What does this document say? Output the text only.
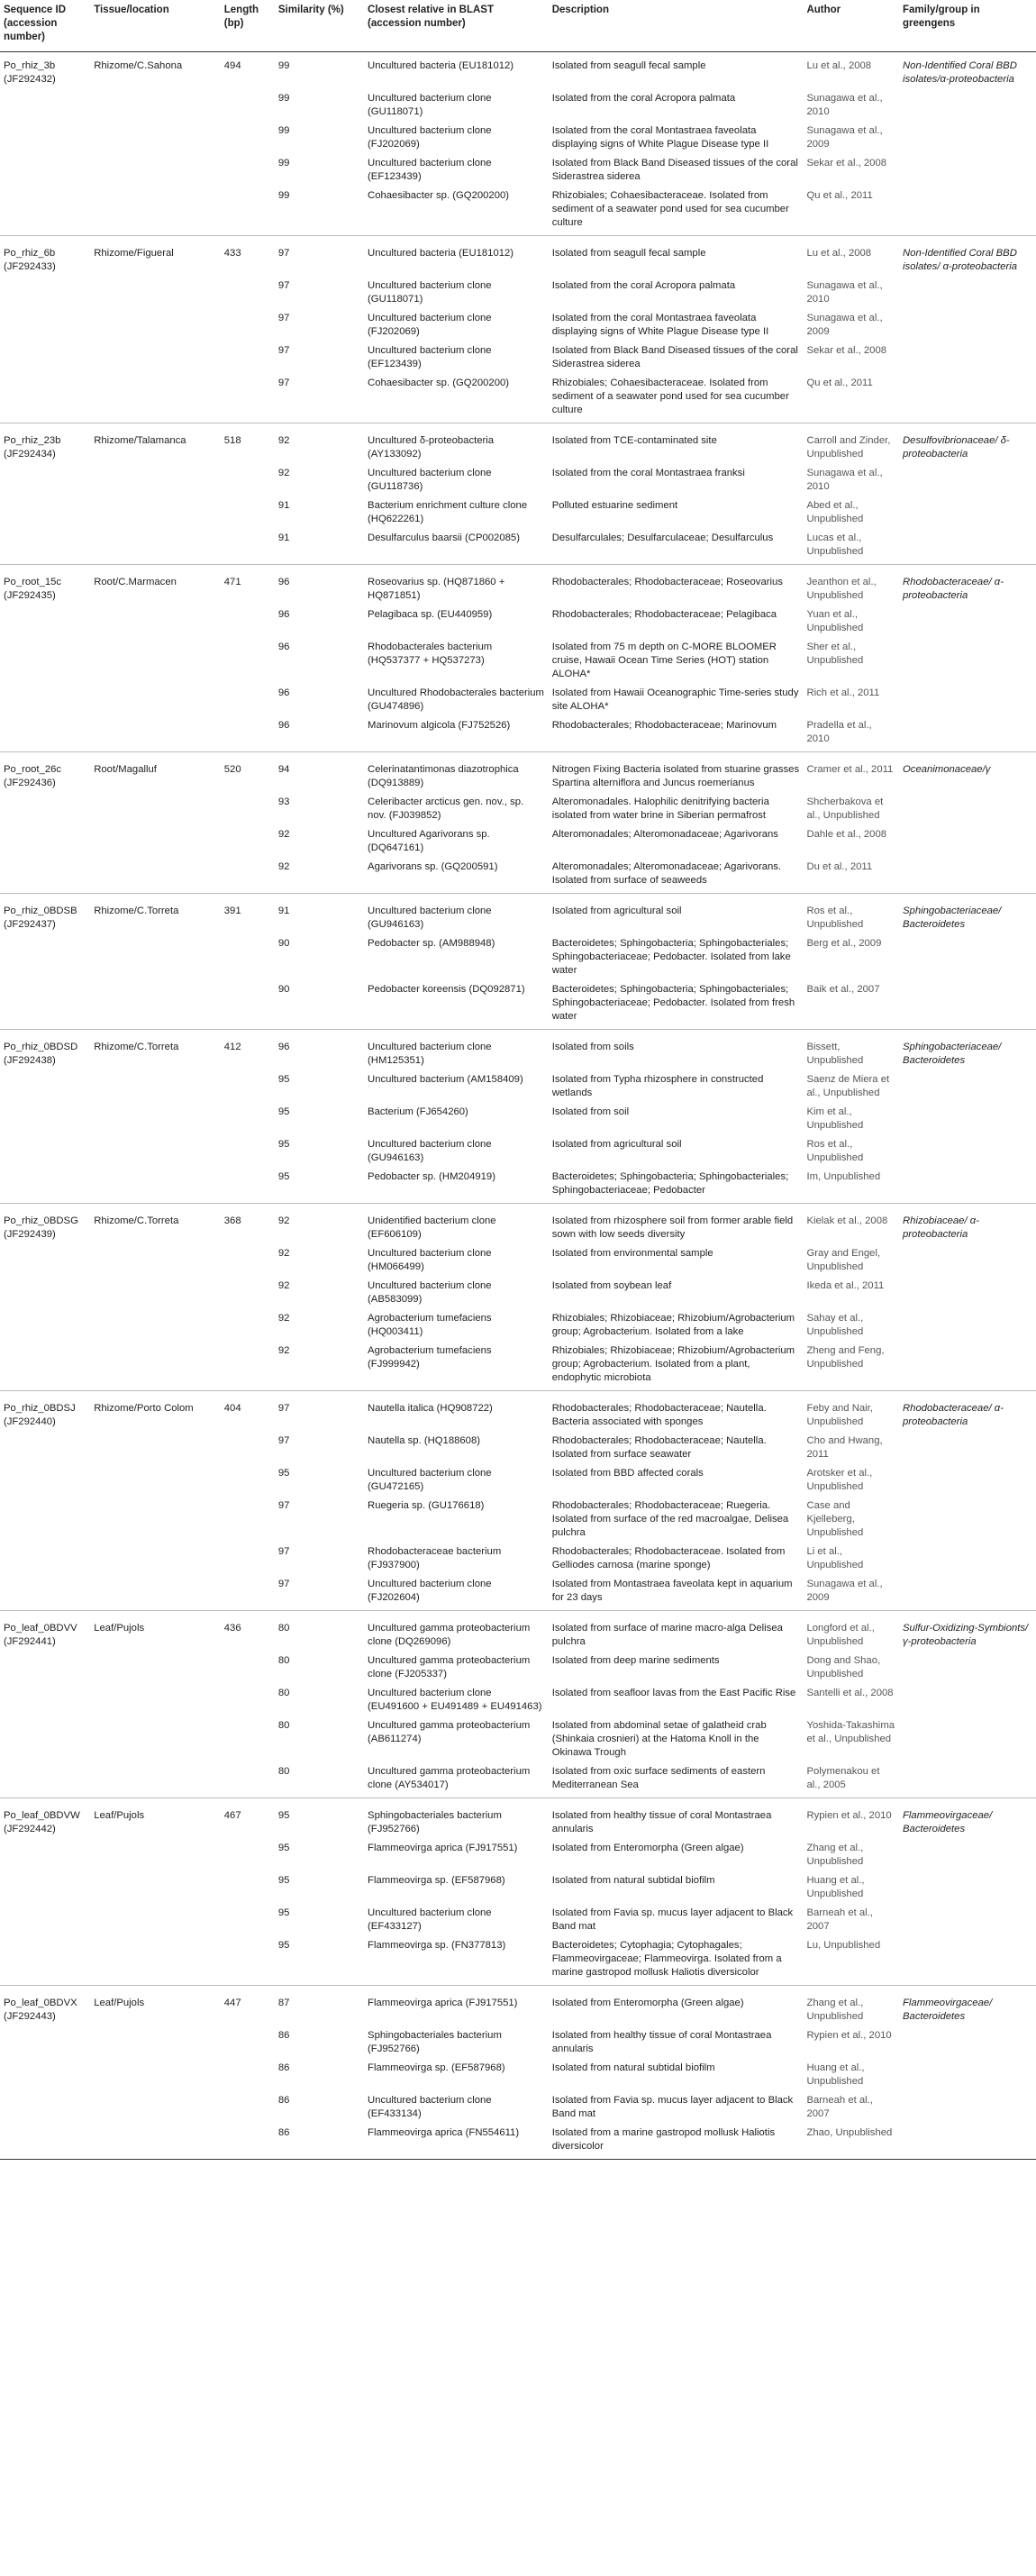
Sequence ID (accession number)	Tissue/location	Length (bp)	Similarity (%)	Closest relative in BLAST (accession number)	Description	Author	Family/group in greengens
Po_rhiz_3b (JF292432)	Rhizome/C.Sahona	494	99	Uncultured bacteria (EU181012)	Isolated from seagull fecal sample	Lu et al., 2008	Non-Identified Coral BBD isolates/α-proteobacteria
			99	Uncultured bacterium clone (GU118071)	Isolated from the coral Acropora palmata	Sunagawa et al., 2010	
			99	Uncultured bacterium clone (FJ202069)	Isolated from the coral Montastraea faveolata displaying signs of White Plague Disease type II	Sunagawa et al., 2009	
			99	Uncultured bacterium clone (EF123439)	Isolated from Black Band Diseased tissues of the coral Siderastrea siderea	Sekar et al., 2008	
			99	Cohaesibacter sp. (GQ200200)	Rhizobiales; Cohaesibacteraceae. Isolated from sediment of a seawater pond used for sea cucumber culture	Qu et al., 2011	
Po_rhiz_6b (JF292433)	Rhizome/Figueral	433	97	Uncultured bacteria (EU181012)	Isolated from seagull fecal sample	Lu et al., 2008	Non-Identified Coral BBD isolates/ α-proteobacteria
			97	Uncultured bacterium clone (GU118071)	Isolated from the coral Acropora palmata	Sunagawa et al., 2010	
			97	Uncultured bacterium clone (FJ202069)	Isolated from the coral Montastraea faveolata displaying signs of White Plague Disease type II	Sunagawa et al., 2009	
			97	Uncultured bacterium clone (EF123439)	Isolated from Black Band Diseased tissues of the coral Siderastrea siderea	Sekar et al., 2008	
			97	Cohaesibacter sp. (GQ200200)	Rhizobiales; Cohaesibacteraceae. Isolated from sediment of a seawater pond used for sea cucumber culture	Qu et al., 2011	
Po_rhiz_23b (JF292434)	Rhizome/Talamanca	518	92	Uncultured δ-proteobacteria (AY133092)	Isolated from TCE-contaminated site	Carroll and Zinder, Unpublished	Desulfovibrionaceae/ δ-proteobacteria
			92	Uncultured bacterium clone (GU118736)	Isolated from the coral Montastraea franksi	Sunagawa et al., 2010	
			91	Bacterium enrichment culture clone (HQ622261)	Polluted estuarine sediment	Abed et al., Unpublished	
			91	Desulfarculus baarsii (CP002085)	Desulfarculales; Desulfarculaceae; Desulfarculus	Lucas et al., Unpublished	
Po_root_15c (JF292435)	Root/C.Marmacen	471	96	Roseovarius sp. (HQ871860 + HQ871851)	Rhodobacterales; Rhodobacteraceae; Roseovarius	Jeanthon et al., Unpublished	Rhodobacteraceae/ α-proteobacteria
			96	Pelagibaca sp. (EU440959)	Rhodobacterales; Rhodobacteraceae; Pelagibaca	Yuan et al., Unpublished	
			96	Rhodobacterales bacterium (HQ537377 + HQ537273)	Isolated from 75 m depth on C-MORE BLOOMER cruise, Hawaii Ocean Time Series (HOT) station ALOHA*	Sher et al., Unpublished	
			96	Uncultured Rhodobacterales bacterium (GU474896)	Isolated from Hawaii Oceanographic Time-series study site ALOHA*	Rich et al., 2011	
			96	Marinovum algicola (FJ752526)	Rhodobacterales; Rhodobacteraceae; Marinovum	Pradella et al., 2010	
Po_root_26c (JF292436)	Root/Magalluf	520	94	Celerinatantimonas diazotrophica (DQ913889)	Nitrogen Fixing Bacteria isolated from stuarine grasses Spartina alterniflora and Juncus roemerianus	Cramer et al., 2011	Oceanimonaceae/γ
			93	Celeribacter arcticus gen. nov., sp. nov. (FJ039852)	Alteromonadales. Halophilic denitrifying bacteria isolated from water brine in Siberian permafrost	Shcherbakova et al., Unpublished	
			92	Uncultured Agarivorans sp. (DQ647161)	Alteromonadales; Alteromonadaceae; Agarivorans	Dahle et al., 2008	
			92	Agarivorans sp. (GQ200591)	Alteromonadales; Alteromonadaceae; Agarivorans. Isolated from surface of seaweeds	Du et al., 2011	
Po_rhiz_0BDSB (JF292437)	Rhizome/C.Torreta	391	91	Uncultured bacterium clone (GU946163)	Isolated from agricultural soil	Ros et al., Unpublished	Sphingobacteriaceae/ Bacteroidetes
			90	Pedobacter sp. (AM988948)	Bacteroidetes; Sphingobacteria; Sphingobacteriales; Sphingobacteriaceae; Pedobacter. Isolated from lake water	Berg et al., 2009	
			90	Pedobacter koreensis (DQ092871)	Bacteroidetes; Sphingobacteria; Sphingobacteriales; Sphingobacteriaceae; Pedobacter. Isolated from fresh water	Baik et al., 2007	
Po_rhiz_0BDSD (JF292438)	Rhizome/C.Torreta	412	96	Uncultured bacterium clone (HM125351)	Isolated from soils	Bissett, Unpublished	Sphingobacteriaceae/ Bacteroidetes
			95	Uncultured bacterium (AM158409)	Isolated from Typha rhizosphere in constructed wetlands	Saenz de Miera et al., Unpublished	
			95	Bacterium (FJ654260)	Isolated from soil	Kim et al., Unpublished	
			95	Uncultured bacterium clone (GU946163)	Isolated from agricultural soil	Ros et al., Unpublished	
			95	Pedobacter sp. (HM204919)	Bacteroidetes; Sphingobacteria; Sphingobacteriales; Sphingobacteriaceae; Pedobacter	Im, Unpublished	
Po_rhiz_0BDSG (JF292439)	Rhizome/C.Torreta	368	92	Unidentified bacterium clone (EF606109)	Isolated from rhizosphere soil from former arable field sown with low seeds diversity	Kielak et al., 2008	Rhizobiaceae/ α-proteobacteria
			92	Uncultured bacterium clone (HM066499)	Isolated from environmental sample	Gray and Engel, Unpublished	
			92	Uncultured bacterium clone (AB583099)	Isolated from soybean leaf	Ikeda et al., 2011	
			92	Agrobacterium tumefaciens (HQ003411)	Rhizobiales; Rhizobiaceae; Rhizobium/Agrobacterium group; Agrobacterium. Isolated from a lake	Sahay et al., Unpublished	
			92	Agrobacterium tumefaciens (FJ999942)	Rhizobiales; Rhizobiaceae; Rhizobium/Agrobacterium group; Agrobacterium. Isolated from a plant, endophytic microbiota	Zheng and Feng, Unpublished	
Po_rhiz_0BDSJ (JF292440)	Rhizome/Porto Colom	404	97	Nautella italica (HQ908722)	Rhodobacterales; Rhodobacteraceae; Nautella. Bacteria associated with sponges	Feby and Nair, Unpublished	Rhodobacteraceae/ α-proteobacteria
			97	Nautella sp. (HQ188608)	Rhodobacterales; Rhodobacteraceae; Nautella. Isolated from surface seawater	Cho and Hwang, 2011	
			95	Uncultured bacterium clone (GU472165)	Isolated from BBD affected corals	Arotsker et al., Unpublished	
			97	Ruegeria sp. (GU176618)	Rhodobacterales; Rhodobacteraceae; Ruegeria. Isolated from surface of the red macroalgae, Delisea pulchra	Case and Kjelleberg, Unpublished	
			97	Rhodobacteraceae bacterium (FJ937900)	Rhodobacterales; Rhodobacteraceae. Isolated from Gelliodes carnosa (marine sponge)	Li et al., Unpublished	
			97	Uncultured bacterium clone (FJ202604)	Isolated from Montastraea faveolata kept in aquarium for 23 days	Sunagawa et al., 2009	
Po_leaf_0BDVV (JF292441)	Leaf/Pujols	436	80	Uncultured gamma proteobacterium clone (DQ269096)	Isolated from surface of marine macro-alga Delisea pulchra	Longford et al., Unpublished	Sulfur-Oxidizing-Symbionts/ γ-proteobacteria
			80	Uncultured gamma proteobacterium clone (FJ205337)	Isolated from deep marine sediments	Dong and Shao, Unpublished	
			80	Uncultured bacterium clone (EU491600 + EU491489 + EU491463)	Isolated from seafloor lavas from the East Pacific Rise	Santelli et al., 2008	
			80	Uncultured gamma proteobacterium (AB611274)	Isolated from abdominal setae of galatheid crab (Shinkaia crosnieri) at the Hatoma Knoll in the Okinawa Trough	Yoshida-Takashima et al., Unpublished	
			80	Uncultured gamma proteobacterium clone (AY534017)	Isolated from oxic surface sediments of eastern Mediterranean Sea	Polymenakou et al., 2005	
Po_leaf_0BDVW (JF292442)	Leaf/Pujols	467	95	Sphingobacteriales bacterium (FJ952766)	Isolated from healthy tissue of coral Montastraea annularis	Rypien et al., 2010	Flammeovirgaceae/ Bacteroidetes
			95	Flammeovirga aprica (FJ917551)	Isolated from Enteromorpha (Green algae)	Zhang et al., Unpublished	
			95	Flammeovirga sp. (EF587968)	Isolated from natural subtidal biofilm	Huang et al., Unpublished	
			95	Uncultured bacterium clone (EF433127)	Isolated from Favia sp. mucus layer adjacent to Black Band mat	Barneah et al., 2007	
			95	Flammeovirga sp. (FN377813)	Bacteroidetes; Cytophagia; Cytophagales; Flammeovirgaceae; Flammeovirga. Isolated from a marine gastropod mollusk Haliotis diversicolor	Lu, Unpublished	
Po_leaf_0BDVX (JF292443)	Leaf/Pujols	447	87	Flammeovirga aprica (FJ917551)	Isolated from Enteromorpha (Green algae)	Zhang et al., Unpublished	Flammeovirgaceae/ Bacteroidetes
			86	Sphingobacteriales bacterium (FJ952766)	Isolated from healthy tissue of coral Montastraea annularis	Rypien et al., 2010	
			86	Flammeovirga sp. (EF587968)	Isolated from natural subtidal biofilm	Huang et al., Unpublished	
			86	Uncultured bacterium clone (EF433134)	Isolated from Favia sp. mucus layer adjacent to Black Band mat	Barneah et al., 2007	
			86	Flammeovirga aprica (FN554611)	Isolated from a marine gastropod mollusk Haliotis diversicolor	Zhao, Unpublished	
